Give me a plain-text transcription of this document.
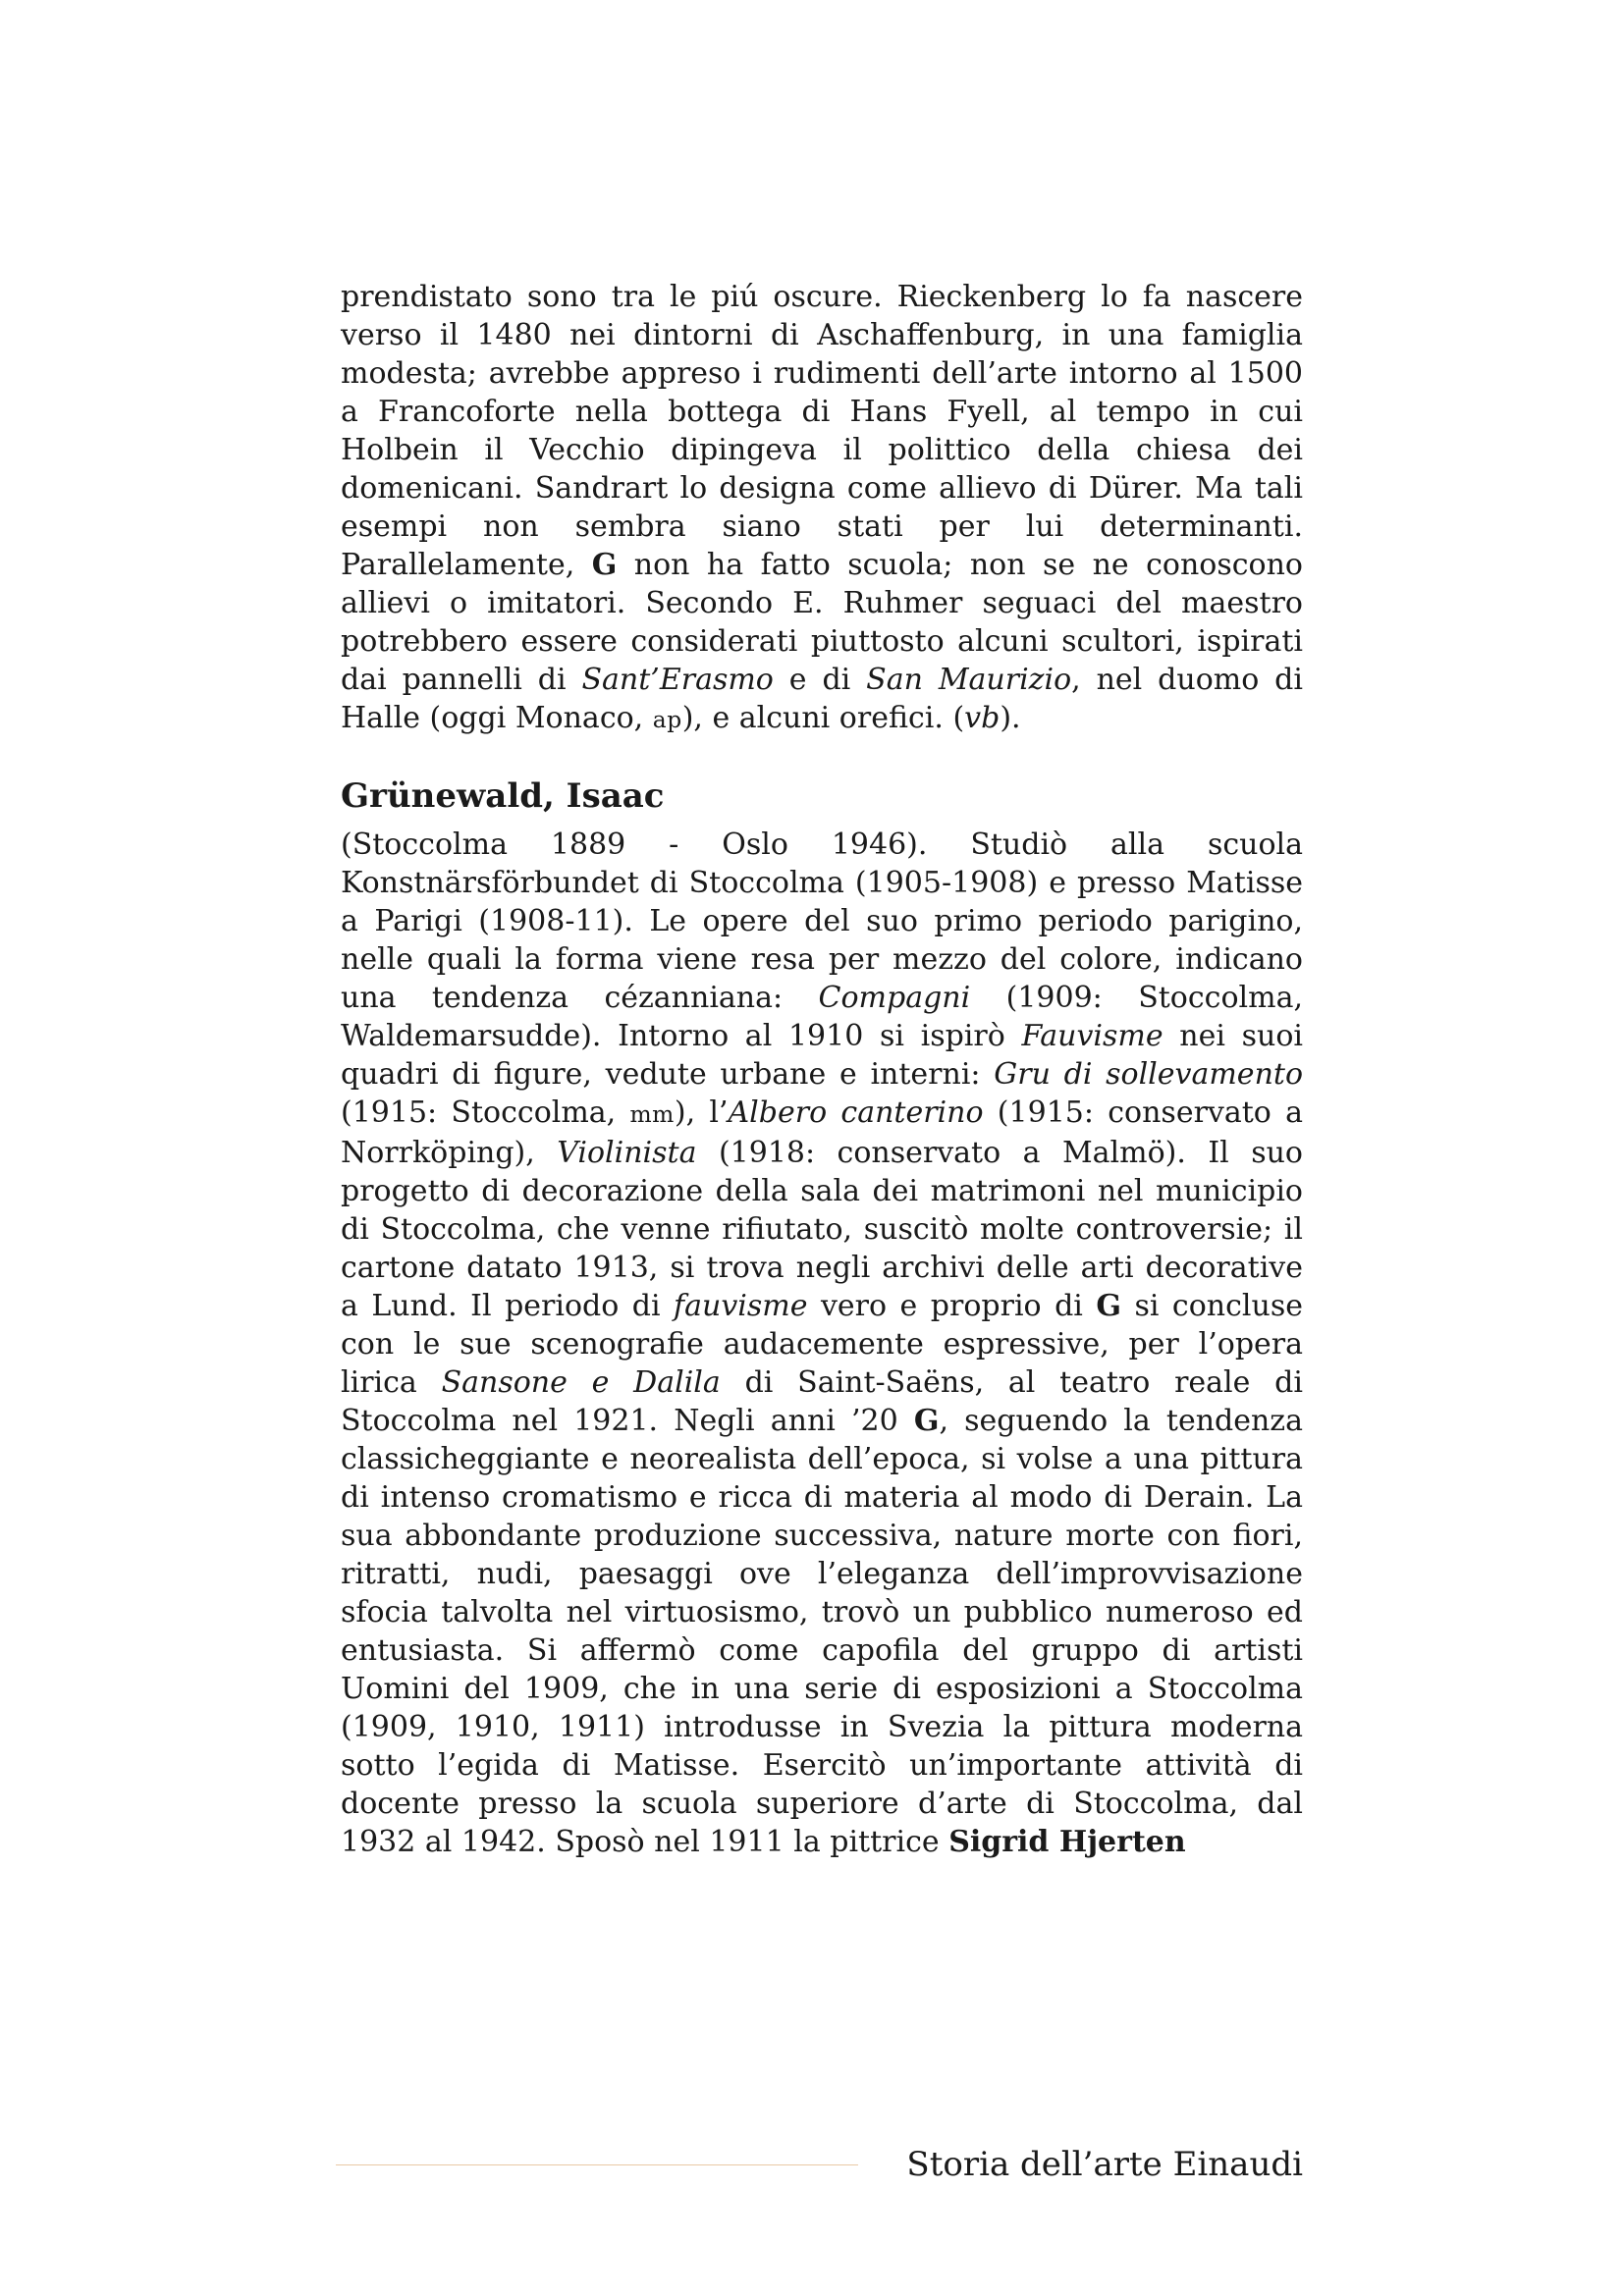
prendistato sono tra le piú oscure. Rieckenberg lo fa nascere verso il 1480 nei dintorni di Aschaffenburg, in una famiglia modesta; avrebbe appreso i rudimenti dell’arte intorno al 1500 a Francoforte nella bottega di Hans Fyell, al tempo in cui Holbein il Vecchio dipingeva il polittico della chiesa dei domenicani. Sandrart lo designa come allievo di Dürer. Ma tali esempi non sembra siano stati per lui determinanti. Parallelamente, G non ha fatto scuola; non se ne conoscono allievi o imitatori. Secondo E. Ruhmer seguaci del maestro potrebbero essere considerati piuttosto alcuni scultori, ispirati dai pannelli di Sant’Erasmo e di San Maurizio, nel duomo di Halle (oggi Monaco, ap), e alcuni orefici. (vb).

Grünewald, Isaac

(Stoccolma 1889 - Oslo 1946). Studiò alla scuola Konstnärsförbundet di Stoccolma (1905-1908) e presso Matisse a Parigi (1908-11). Le opere del suo primo periodo parigino, nelle quali la forma viene resa per mezzo del colore, indicano una tendenza cézanniana: Compagni (1909: Stoccolma, Waldemarsudde). Intorno al 1910 si ispirò Fauvisme nei suoi quadri di figure, vedute urbane e interni: Gru di sollevamento (1915: Stoccolma, mm), l’Albero canterino (1915: conservato a Norrköping), Violinista (1918: conservato a Malmö). Il suo progetto di decorazione della sala dei matrimoni nel municipio di Stoccolma, che venne rifiutato, suscitò molte controversie; il cartone datato 1913, si trova negli archivi delle arti decorative a Lund. Il periodo di fauvisme vero e proprio di G si concluse con le sue scenografie audacemente espressive, per l’opera lirica Sansone e Dalila di Saint-Saëns, al teatro reale di Stoccolma nel 1921. Negli anni ’20 G, seguendo la tendenza classicheggiante e neorealista dell’epoca, si volse a una pittura di intenso cromatismo e ricca di materia al modo di Derain. La sua abbondante produzione successiva, nature morte con fiori, ritratti, nudi, paesaggi ove l’eleganza dell’improvvisazione sfocia talvolta nel virtuosismo, trovò un pubblico numeroso ed entusiasta. Si affermò come capofila del gruppo di artisti Uomini del 1909, che in una serie di esposizioni a Stoccolma (1909, 1910, 1911) introdusse in Svezia la pittura moderna sotto l’egida di Matisse. Esercitò un’importante attività di docente presso la scuola superiore d’arte di Stoccolma, dal 1932 al 1942. Sposò nel 1911 la pittrice Sigrid Hjerten

Storia dell’arte Einaudi
